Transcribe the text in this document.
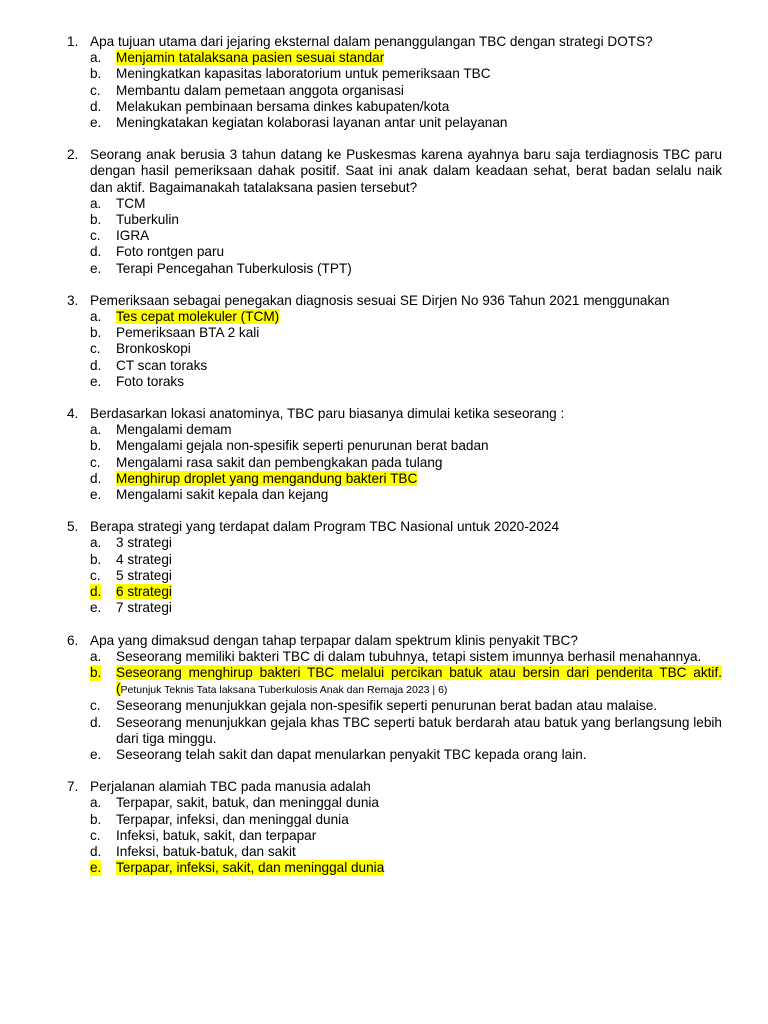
1. Apa tujuan utama dari jejaring eksternal dalam penanggulangan TBC dengan strategi DOTS?
a. Menjamin tatalaksana pasien sesuai standar
b. Meningkatkan kapasitas laboratorium untuk pemeriksaan TBC
c. Membantu dalam pemetaan anggota organisasi
d. Melakukan pembinaan bersama dinkes kabupaten/kota
e. Meningkatakan kegiatan kolaborasi layanan antar unit pelayanan
2. Seorang anak berusia 3 tahun datang ke Puskesmas karena ayahnya baru saja terdiagnosis TBC paru dengan hasil pemeriksaan dahak positif. Saat ini anak dalam keadaan sehat, berat badan selalu naik dan aktif. Bagaimanakah tatalaksana pasien tersebut?
a. TCM
b. Tuberkulin
c. IGRA
d. Foto rontgen paru
e. Terapi Pencegahan Tuberkulosis (TPT)
3. Pemeriksaan sebagai penegakan diagnosis sesuai SE Dirjen No 936 Tahun 2021 menggunakan
a. Tes cepat molekuler (TCM)
b. Pemeriksaan BTA 2 kali
c. Bronkoskopi
d. CT scan toraks
e. Foto toraks
4. Berdasarkan lokasi anatominya, TBC paru biasanya dimulai ketika seseorang :
a. Mengalami demam
b. Mengalami gejala non-spesifik seperti penurunan berat badan
c. Mengalami rasa sakit dan pembengkakan pada tulang
d. Menghirup droplet yang mengandung bakteri TBC
e. Mengalami sakit kepala dan kejang
5. Berapa strategi yang terdapat dalam Program TBC Nasional untuk 2020-2024
a. 3 strategi
b. 4 strategi
c. 5 strategi
d. 6 strategi
e. 7 strategi
6. Apa yang dimaksud dengan tahap terpapar dalam spektrum klinis penyakit TBC?
a. Seseorang memiliki bakteri TBC di dalam tubuhnya, tetapi sistem imunnya berhasil menahannya.
b. Seseorang menghirup bakteri TBC melalui percikan batuk atau bersin dari penderita TBC aktif.(Petunjuk Teknis Tata laksana Tuberkulosis Anak dan Remaja 2023 | 6)
c. Seseorang menunjukkan gejala non-spesifik seperti penurunan berat badan atau malaise.
d. Seseorang menunjukkan gejala khas TBC seperti batuk berdarah atau batuk yang berlangsung lebih dari tiga minggu.
e. Seseorang telah sakit dan dapat menularkan penyakit TBC kepada orang lain.
7. Perjalanan alamiah TBC pada manusia adalah
a. Terpapar, sakit, batuk, dan meninggal dunia
b. Terpapar, infeksi, dan meninggal dunia
c. Infeksi, batuk, sakit, dan terpapar
d. Infeksi, batuk-batuk, dan sakit
e. Terpapar, infeksi, sakit, dan meninggal dunia
